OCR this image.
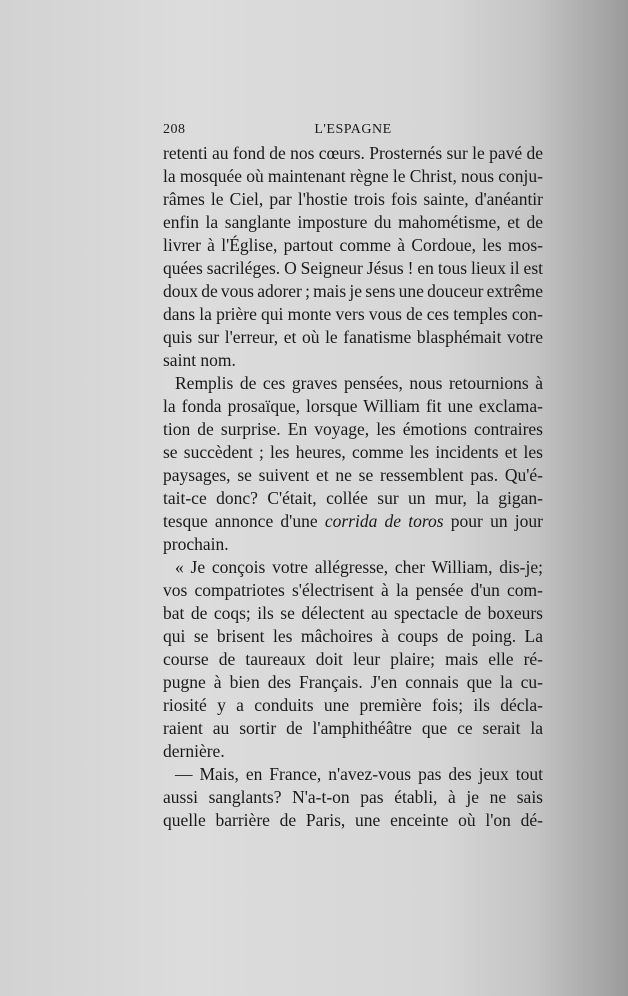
208	L'ESPAGNE
retenti au fond de nos cœurs. Prosternés sur le pavé de
la mosquée où maintenant règne le Christ, nous conju-
râmes le Ciel, par l'hostie trois fois sainte, d'anéantir
enfin la sanglante imposture du mahométisme, et de
livrer à l'Église, partout comme à Cordoue, les mos-
quées sacriléges. O Seigneur Jésus ! en tous lieux il est
doux de vous adorer ; mais je sens une douceur extrême
dans la prière qui monte vers vous de ces temples con-
quis sur l'erreur, et où le fanatisme blasphémait votre
saint nom.
Remplis de ces graves pensées, nous retournions à
la fonda prosaïque, lorsque William fit une exclama-
tion de surprise. En voyage, les émotions contraires
se succèdent ; les heures, comme les incidents et les
paysages, se suivent et ne se ressemblent pas. Qu'é-
tait-ce donc? C'était, collée sur un mur, la gigan-
tesque annonce d'une corrida de toros pour un jour
prochain.
« Je conçois votre allégresse, cher William, dis-je;
vos compatriotes s'électrisent à la pensée d'un com-
bat de coqs; ils se délectent au spectacle de boxeurs
qui se brisent les mâchoires à coups de poing. La
course de taureaux doit leur plaire; mais elle ré-
pugne à bien des Français. J'en connais que la cu-
riosité y a conduits une première fois; ils décla-
raient au sortir de l'amphithéâtre que ce serait la
dernière.
— Mais, en France, n'avez-vous pas des jeux tout
aussi sanglants? N'a-t-on pas établi, à je ne sais
quelle barrière de Paris, une enceinte où l'on dé-
